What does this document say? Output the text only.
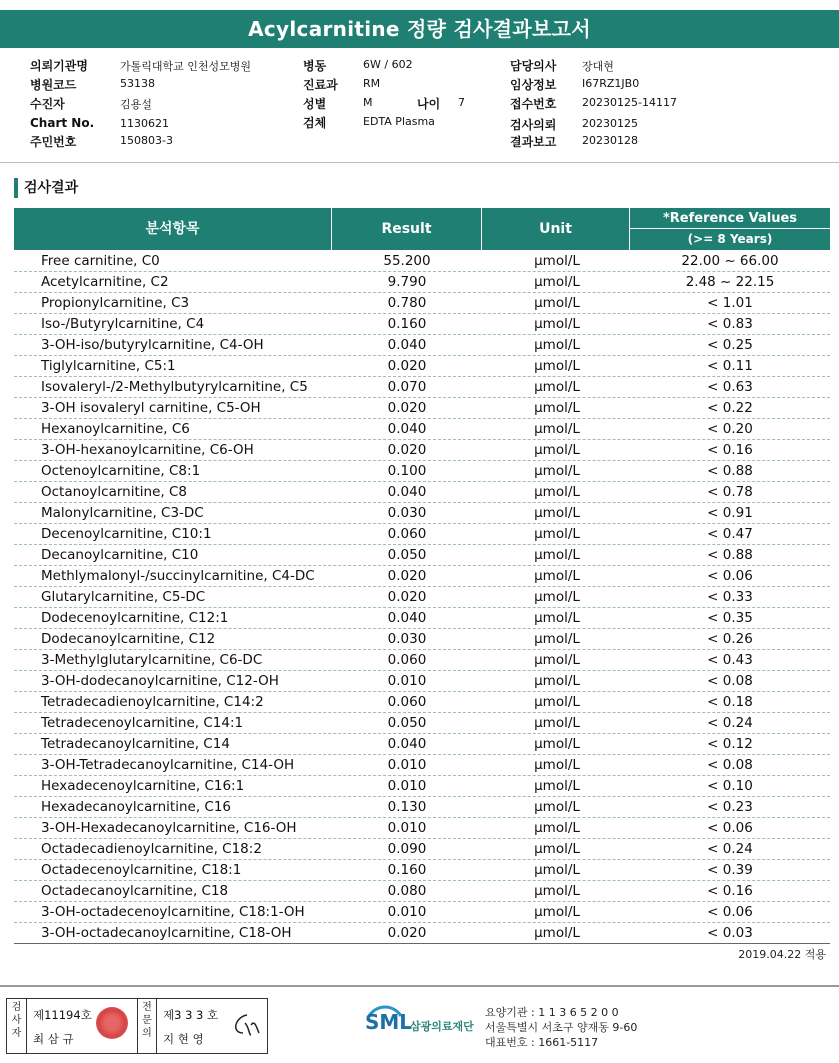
Acylcarnitine 정량 검사결과보고서
의뢰기관명	가톨릭대학교 인천성모병원
병원코드	53138
수진자	김용설
Chart No. 1130621
주민번호	150803-3
병동	6W / 602
진료과 RM
성별	M	나이 7
검체	EDTA Plasma
담당의사 장대현
임상정보 I67RZ1JB0
접수번호 20230125-14117
검사의뢰 20230125
결과보고 20230128
검사결과
분석항목	Result	Unit
*Reference Values
(>= 8 Years)
Free carnitine, C0	55.200	μmol/L	22.00 ~ 66.00
Acetylcarnitine, C2	9.790	μmol/L	2.48 ~ 22.15
Propionylcarnitine, C3	0.780	μmol/L	< 1.01
Iso-/Butyrylcarnitine, C4	0.160	μmol/L	< 0.83
3-OH-iso/butyrylcarnitine, C4-OH	0.040	μmol/L	< 0.25
Tiglylcarnitine, C5:1	0.020	μmol/L	< 0.11
Isovaleryl-/2-Methylbutyrylcarnitine, C5	0.070	μmol/L	< 0.63
3-OH isovaleryl carnitine, C5-OH	0.020	μmol/L	< 0.22
Hexanoylcarnitine, C6	0.040	μmol/L	< 0.20
3-OH-hexanoylcarnitine, C6-OH	0.020	μmol/L	< 0.16
Octenoylcarnitine, C8:1	0.100	μmol/L	< 0.88
Octanoylcarnitine, C8	0.040	μmol/L	< 0.78
Malonylcarnitine, C3-DC	0.030	μmol/L	< 0.91
Decenoylcarnitine, C10:1	0.060	μmol/L	< 0.47
Decanoylcarnitine, C10	0.050	μmol/L	< 0.88
Methlymalonyl-/succinylcarnitine, C4-DC	0.020	μmol/L	< 0.06
Glutarylcarnitine, C5-DC	0.020	μmol/L	< 0.33
Dodecenoylcarnitine, C12:1	0.040	μmol/L	< 0.35
Dodecanoylcarnitine, C12	0.030	μmol/L	< 0.26
3-Methylglutarylcarnitine, C6-DC	0.060	μmol/L	< 0.43
3-OH-dodecanoylcarnitine, C12-OH	0.010	μmol/L	< 0.08
Tetradecadienoylcarnitine, C14:2	0.060	μmol/L	< 0.18
Tetradecenoylcarnitine, C14:1	0.050	μmol/L	< 0.24
Tetradecanoylcarnitine, C14	0.040	μmol/L	< 0.12
3-OH-Tetradecanoylcarnitine, C14-OH	0.010	μmol/L	< 0.08
Hexadecenoylcarnitine, C16:1	0.010	μmol/L	< 0.10
Hexadecanoylcarnitine, C16	0.130	μmol/L	< 0.23
3-OH-Hexadecanoylcarnitine, C16-OH	0.010	μmol/L	< 0.06
Octadecadienoylcarnitine, C18:2	0.090	μmol/L	< 0.24
Octadecenoylcarnitine, C18:1	0.160	μmol/L	< 0.39
Octadecanoylcarnitine, C18	0.080	μmol/L	< 0.16
3-OH-octadecenoylcarnitine, C18:1-OH	0.010	μmol/L	< 0.06
3-OH-octadecanoylcarnitine, C18-OH	0.020	μmol/L	< 0.03
2019.04.22 적용
검사자
제11194호
최 삼 규
전문의
제3 3 3 호
지 현 영
SML
삼광의료재단
요양기관 : 1 1 3 6 5 2 0 0
서울특별시 서초구 양재동 9-60
대표번호 : 1661-5117
